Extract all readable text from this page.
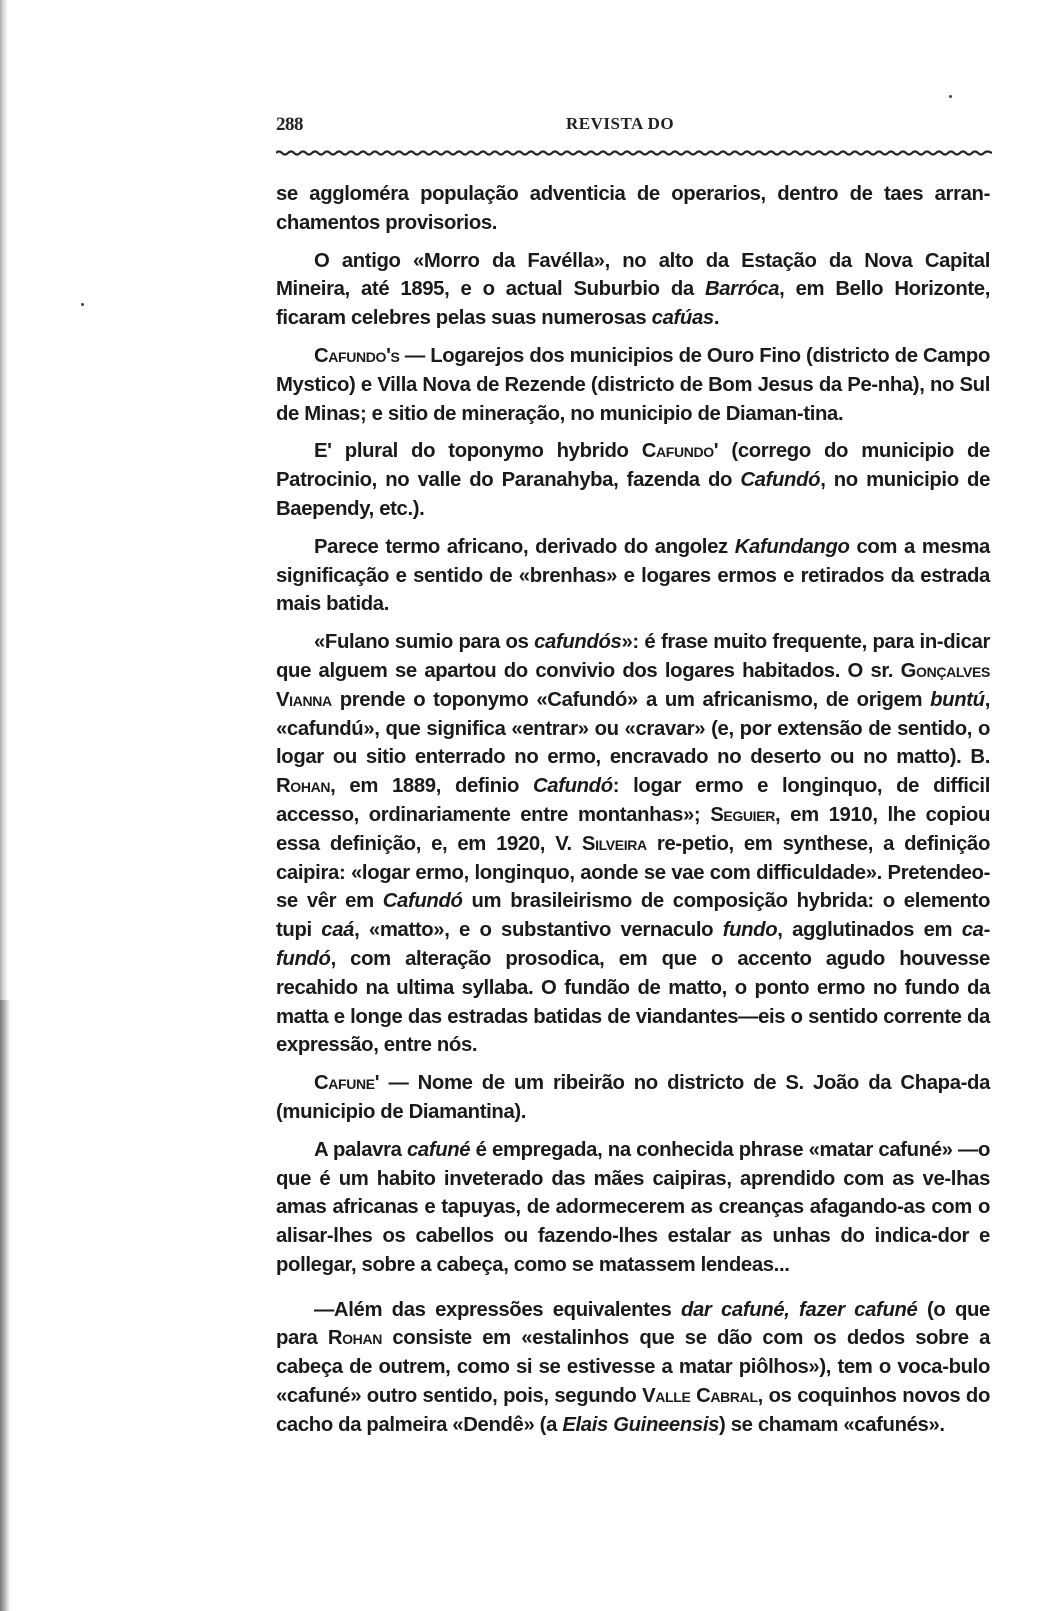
288	REVISTA DO

se aggloméra população adventicia de operarios, dentro de taes arran-chamentos provisorios.

O antigo «Morro da Favélla», no alto da Estação da Nova Capital Mineira, até 1895, e o actual Suburbio da Barróca, em Bello Horizonte, ficaram celebres pelas suas numerosas cafúas.

Cafundo's — Logarejos dos municipios de Ouro Fino (districto de Campo Mystico) e Villa Nova de Rezende (districto de Bom Jesus da Pe-nha), no Sul de Minas; e sitio de mineração, no municipio de Diaman-tina.

E' plural do toponymo hybrido Cafundo' (corrego do municipio de Patrocinio, no valle do Paranahyba, fazenda do Cafundó, no municipio de Baependy, etc.).

Parece termo africano, derivado do angolez Kafundango com a mesma significação e sentido de «brenhas» e logares ermos e retirados da estrada mais batida.

«Fulano sumio para os cafundós»: é frase muito frequente, para in-dicar que alguem se apartou do convivio dos logares habitados. O sr. Gonçalves Vianna prende o toponymo «Cafundó» a um africanismo, de origem buntú, «cafundú», que significa «entrar» ou «cravar» (e, por extensão de sentido, o logar ou sitio enterrado no ermo, encravado no deserto ou no matto). B. Rohan, em 1889, definio Cafundó: logar ermo e longinquo, de difficil accesso, ordinariamente entre montanhas»; Seguier, em 1910, lhe copiou essa definição, e, em 1920, V. Silveira re-petio, em synthese, a definição caipira: «logar ermo, longinquo, aonde se vae com difficuldade». Pretendeo-se vêr em Cafundó um brasileirismo de composição hybrida: o elemento tupi caá, «matto», e o substantivo vernaculo fundo, agglutinados em ca-fundó, com alteração prosodica, em que o accento agudo houvesse recahido na ultima syllaba. O fundão de matto, o ponto ermo no fundo da matta e longe das estradas batidas de viandantes—eis o sentido corrente da expressão, entre nós.

Cafune' — Nome de um ribeirão no districto de S. João da Chapa-da (municipio de Diamantina).

A palavra cafuné é empregada, na conhecida phrase «matar cafuné» —o que é um habito inveterado das mães caipiras, aprendido com as ve-lhas amas africanas e tapuyas, de adormecerem as creanças afagando-as com o alisar-lhes os cabellos ou fazendo-lhes estalar as unhas do indica-dor e pollegar, sobre a cabeça, como se matassem lendeas...

—Além das expressões equivalentes dar cafuné, fazer cafuné (o que para Rohan consiste em «estalinhos que se dão com os dedos sobre a cabeça de outrem, como si se estivesse a matar piôlhos»), tem o voca-bulo «cafuné» outro sentido, pois, segundo Valle Cabral, os coquinhos novos do cacho da palmeira «Dendê» (a Elais Guineensis) se chamam «cafunés».
